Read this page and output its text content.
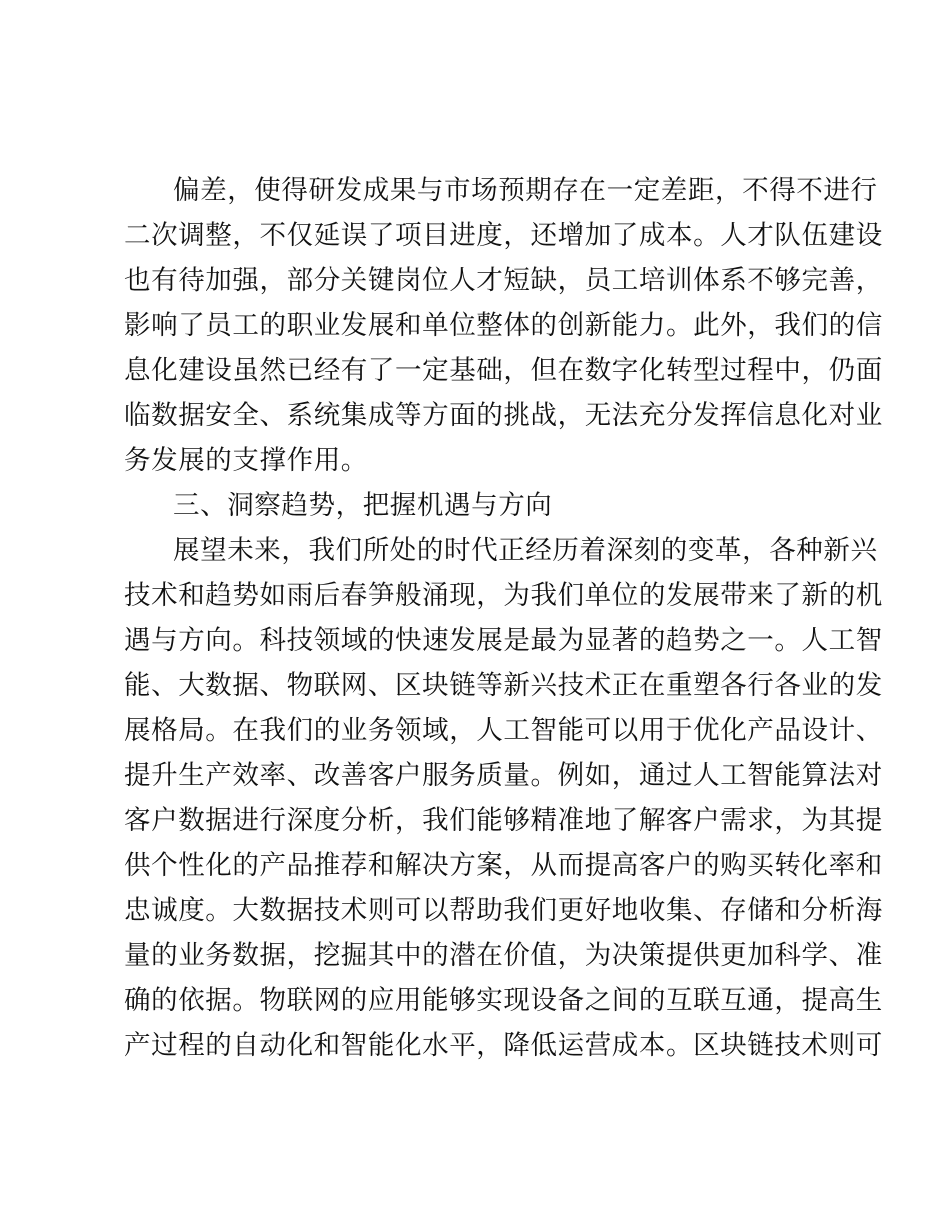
偏差，使得研发成果与市场预期存在一定差距，不得不进行
二次调整，不仅延误了项目进度，还增加了成本。人才队伍建设
也有待加强，部分关键岗位人才短缺，员工培训体系不够完善，
影响了员工的职业发展和单位整体的创新能力。此外，我们的信
息化建设虽然已经有了一定基础，但在数字化转型过程中，仍面
临数据安全、系统集成等方面的挑战，无法充分发挥信息化对业
务发展的支撑作用。
三、洞察趋势，把握机遇与方向
展望未来，我们所处的时代正经历着深刻的变革，各种新兴
技术和趋势如雨后春笋般涌现，为我们单位的发展带来了新的机
遇与方向。科技领域的快速发展是最为显著的趋势之一。人工智
能、大数据、物联网、区块链等新兴技术正在重塑各行各业的发
展格局。在我们的业务领域，人工智能可以用于优化产品设计、
提升生产效率、改善客户服务质量。例如，通过人工智能算法对
客户数据进行深度分析，我们能够精准地了解客户需求，为其提
供个性化的产品推荐和解决方案，从而提高客户的购买转化率和
忠诚度。大数据技术则可以帮助我们更好地收集、存储和分析海
量的业务数据，挖掘其中的潜在价值，为决策提供更加科学、准
确的依据。物联网的应用能够实现设备之间的互联互通，提高生
产过程的自动化和智能化水平，降低运营成本。区块链技术则可
